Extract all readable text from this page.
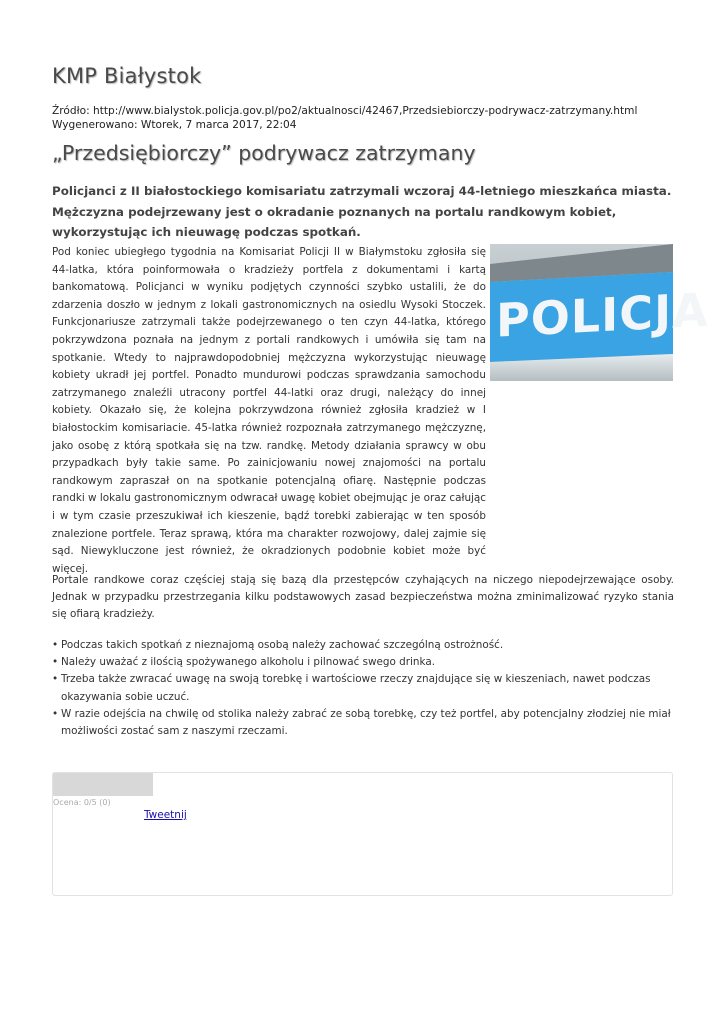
KMP Białystok
Źródło: http://www.bialystok.policja.gov.pl/po2/aktualnosci/42467,Przedsiebiorczy-podrywacz-zatrzymany.html
Wygenerowano: Wtorek, 7 marca 2017, 22:04
„Przedsiębiorczy” podrywacz zatrzymany

Policjanci z II białostockiego komisariatu zatrzymali wczoraj 44-letniego mieszkańca miasta. Mężczyzna podejrzewany jest o okradanie poznanych na portalu randkowym kobiet, wykorzystując ich nieuwagę podczas spotkań.

POLICJA

Pod koniec ubiegłego tygodnia na Komisariat Policji II w Białymstoku zgłosiła się 44-latka, która poinformowała o kradzieży portfela z dokumentami i kartą bankomatową. Policjanci w wyniku podjętych czynności szybko ustalili, że do zdarzenia doszło w jednym z lokali gastronomicznych na osiedlu Wysoki Stoczek. Funkcjonariusze zatrzymali także podejrzewanego o ten czyn 44-latka, którego pokrzywdzona poznała na jednym z portali randkowych i umówiła się tam na spotkanie. Wtedy to najprawdopodobniej mężczyzna wykorzystując nieuwagę kobiety ukradł jej portfel. Ponadto mundurowi podczas sprawdzania samochodu zatrzymanego znaleźli utracony portfel 44-latki oraz drugi, należący do innej kobiety. Okazało się, że kolejna pokrzywdzona również zgłosiła kradzież w I białostockim komisariacie. 45-latka również rozpoznała zatrzymanego mężczyznę, jako osobę z którą spotkała się na tzw. randkę. Metody działania sprawcy w obu przypadkach były takie same. Po zainicjowaniu nowej znajomości na portalu randkowym zapraszał on na spotkanie potencjalną ofiarę. Następnie podczas randki w lokalu gastronomicznym odwracał uwagę kobiet obejmując je oraz całując i w tym czasie przeszukiwał ich kieszenie, bądź torebki zabierając w ten sposób znalezione portfele. Teraz sprawą, która ma charakter rozwojowy, dalej zajmie się sąd. Niewykluczone jest również, że okradzionych podobnie kobiet może być więcej.

Portale randkowe coraz częściej stają się bazą dla przestępców czyhających na niczego niepodejrzewające osoby. Jednak w przypadku przestrzegania kilku podstawowych zasad bezpieczeństwa można zminimalizować ryzyko stania się ofiarą kradzieży.

• Podczas takich spotkań z nieznajomą osobą należy zachować szczególną ostrożność.
• Należy uważać z ilością spożywanego alkoholu i pilnować swego drinka.
• Trzeba także zwracać uwagę na swoją torebkę i wartościowe rzeczy znajdujące się w kieszeniach, nawet podczas okazywania sobie uczuć.
• W razie odejścia na chwilę od stolika należy zabrać ze sobą torebkę, czy też portfel, aby potencjalny złodziej nie miał możliwości zostać sam z naszymi rzeczami.
Ocena: 0/5 (0)
Tweetnij
